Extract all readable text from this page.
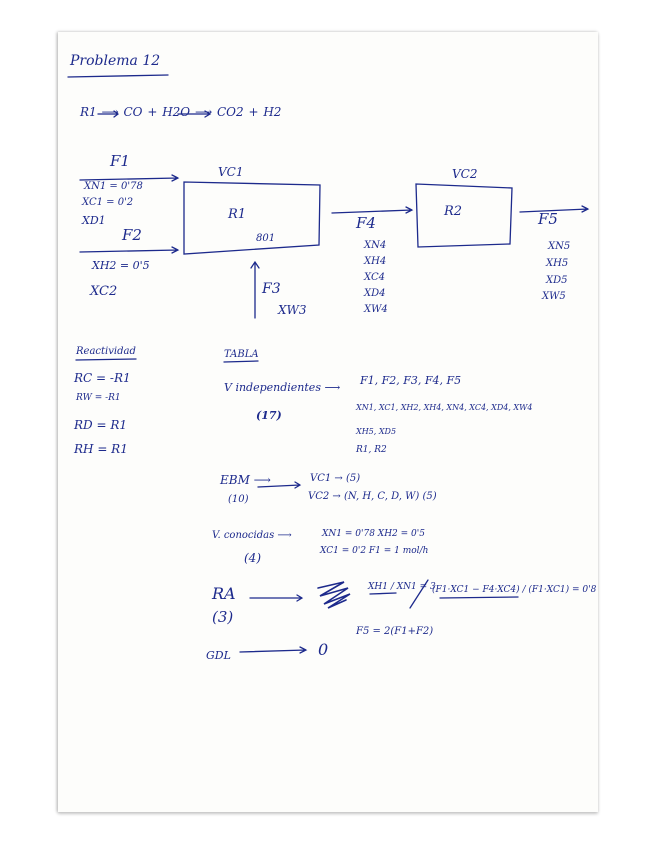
Problema 12
R1 ⟶ CO + H2O ⟶ CO2 + H2
VC1	VC2
F1
XN1 = 0'78
XC1 = 0'2
XD1
F2
XH2 = 0'5
XC2
R1
801
F3
XW3
F4
XN4
XH4
XC4
XD4
XW4
R2	F5
XN5
XH5
XD5
XW5
Reactividad
RC = -R1
RW = -R1
RD = R1
RH = R1
TABLA
V independientes ⟶
(17)
F1, F2, F3, F4, F5
XN1, XC1, XH2, XH4, XN4, XC4, XD4, XW4
XH5, XD5
R1, R2
EBM ⟶
(10)
VC1 → (5)
VC2 → (N, H, C, D, W) (5)
V. conocidas ⟶
(4)
XN1 = 0'78 XH2 = 0'5
XC1 = 0'2 F1 = 1 mol/h
RA
(3)
XH1 / XN1 = 3
(F1·XC1 − F4·XC4) / (F1·XC1) = 0'8
F5 = 2(F1+F2)
GDL	0
